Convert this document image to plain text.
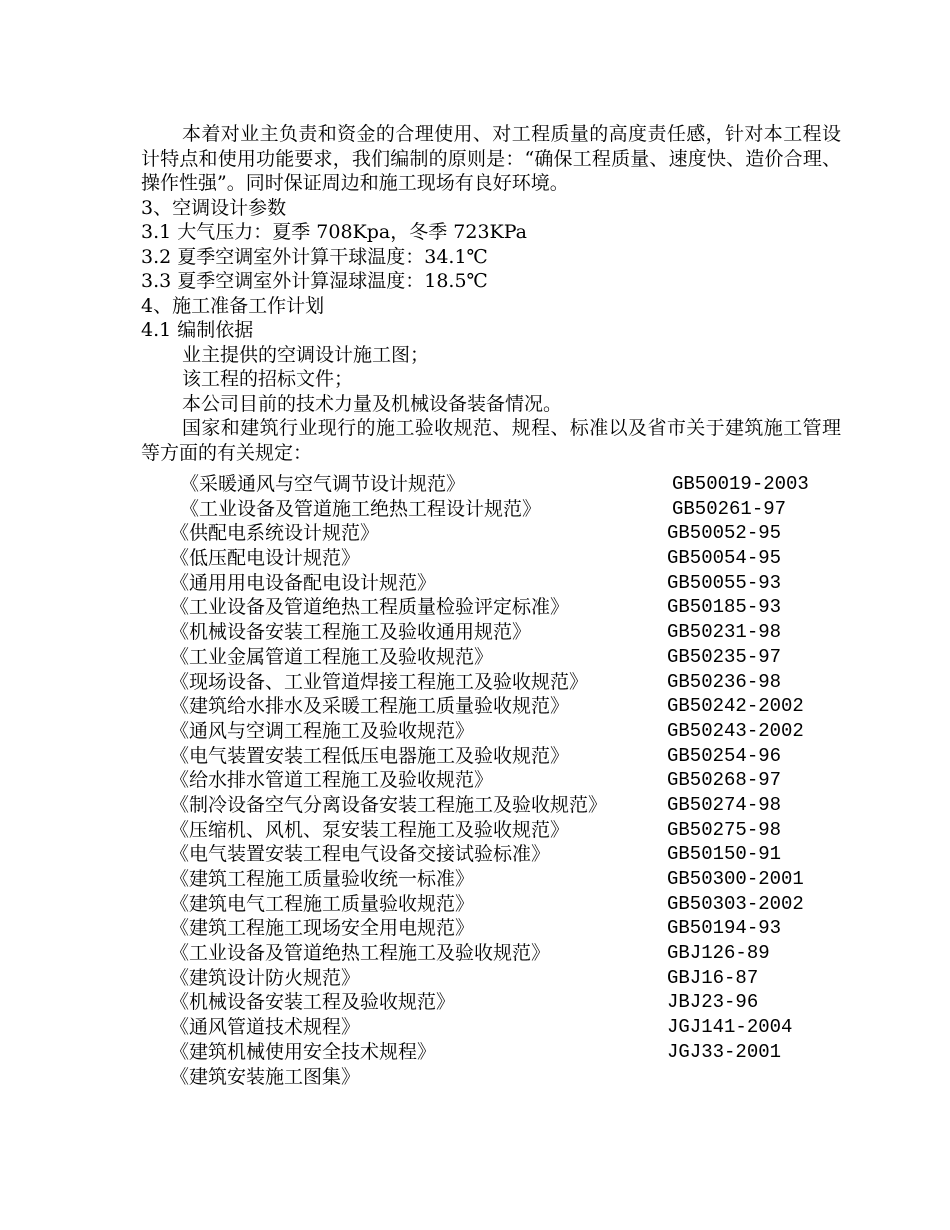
本着对业主负责和资金的合理使用、对工程质量的高度责任感，针对本工程设计特点和使用功能要求，我们编制的原则是：“确保工程质量、速度快、造价合理、操作性强”。同时保证周边和施工现场有良好环境。

3、空调设计参数

3.1 大气压力：夏季 708Kpa，冬季 723KPa

3.2 夏季空调室外计算干球温度：34.1℃

3.3 夏季空调室外计算湿球温度：18.5℃

4、施工准备工作计划

4.1 编制依据

业主提供的空调设计施工图；

该工程的招标文件；

本公司目前的技术力量及机械设备装备情况。

国家和建筑行业现行的施工验收规范、规程、标准以及省市关于建筑施工管理等方面的有关规定：

《采暖通风与空气调节设计规范》	GB50019-2003
《工业设备及管道施工绝热工程设计规范》	GB50261-97
《供配电系统设计规范》	GB50052-95
《低压配电设计规范》	GB50054-95
《通用用电设备配电设计规范》	GB50055-93
《工业设备及管道绝热工程质量检验评定标准》	GB50185-93
《机械设备安装工程施工及验收通用规范》	GB50231-98
《工业金属管道工程施工及验收规范》	GB50235-97
《现场设备、工业管道焊接工程施工及验收规范》	GB50236-98
《建筑给水排水及采暖工程施工质量验收规范》	GB50242-2002
《通风与空调工程施工及验收规范》	GB50243-2002
《电气装置安装工程低压电器施工及验收规范》	GB50254-96
《给水排水管道工程施工及验收规范》	GB50268-97
《制冷设备空气分离设备安装工程施工及验收规范》	GB50274-98
《压缩机、风机、泵安装工程施工及验收规范》	GB50275-98
《电气装置安装工程电气设备交接试验标准》	GB50150-91
《建筑工程施工质量验收统一标准》	GB50300-2001
《建筑电气工程施工质量验收规范》	GB50303-2002
《建筑工程施工现场安全用电规范》	GB50194-93
《工业设备及管道绝热工程施工及验收规范》	GBJ126-89
《建筑设计防火规范》	GBJ16-87
《机械设备安装工程及验收规范》	JBJ23-96
《通风管道技术规程》	JGJ141-2004
《建筑机械使用安全技术规程》	JGJ33-2001
《建筑安装施工图集》
